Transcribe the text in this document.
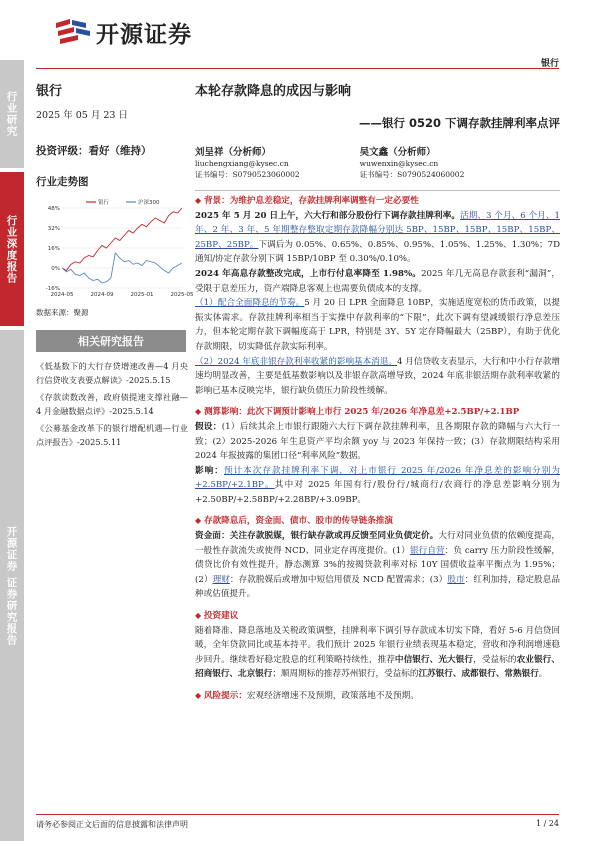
行业研究
行业深度报告
开源证券 证券研究报告
开源证券
银行
银行
2025 年 05 月 23 日
投资评级：看好（维持）
行业走势图
48%
32%
16%
0%
-16%
2024-05	2024-09	2025-01	2025-05
银行	沪深300
数据来源：聚源
相关研究报告

《低基数下的大行存贷增速改善—4 月央行信贷收支表要点解读》-2025.5.15

《存款读数改善，政府债提速支撑社融—4 月金融数据点评》-2025.5.14

《公募基金改革下的银行增配机遇—行业点评报告》-2025.5.11

本轮存款降息的成因与影响
——银行 0520 下调存款挂牌利率点评
刘呈祥（分析师）
liuchengxiang@kysec.cn
证书编号：S0790523060002
吴文鑫（分析师）
wuwenxin@kysec.cn
证书编号：S0790524060002

◆ 背景：为维护息差稳定，存款挂牌利率调整有一定必要性

2025 年 5 月 20 日上午，六大行和部分股份行下调存款挂牌利率。活期、3 个月、6 个月、1 年、2 年、3 年、5 年期整存整取定期存款降幅分别达 5BP、15BP、15BP、15BP、15BP、25BP、25BP。下调后为 0.05%、0.65%、0.85%、0.95%、1.05%、1.25%、1.30%；7D 通知/协定存款分别下调 15BP/10BP 至 0.30%/0.10%。

2024 年高息存款整改完成，上市行付息率降至 1.98%。2025 年几无高息存款套利“漏洞”，受限于息差压力，资产端降息客观上也需要负债成本的支撑。

（1）配合全面降息的节奏。5 月 20 日 LPR 全面降息 10BP，实施适度宽松的货币政策，以提振实体需求。存款挂牌利率相当于实操中存款利率的“下限”，此次下调有望减缓银行净息差压力，但本轮定期存款下调幅度高于 LPR，特别是 3Y、5Y 定存降幅最大（25BP），有助于优化存款期限，切实降低存款实际利率。

（2）2024 年底非银存款利率收紧的影响基本消退。4 月信贷收支表显示，大行和中小行存款增速均明显改善，主要是低基数影响以及非银存款高增导致，2024 年底非银活期存款利率收紧的影响已基本反映完毕，银行缺负债压力阶段性缓解。

◆ 测算影响：此次下调预计影响上市行 2025 年/2026 年净息差+2.5BP/+2.1BP

假设：(1）后续其余上市银行跟随六大行下调存款挂牌利率，且各期限存款的降幅与六大行一致；(2）2025-2026 年生息资产平均余额 yoy 与 2023 年保持一致；(3）存款期限结构采用 2024 年报披露的集团口径“利率风险”数据。

影响：预计本次存款挂牌利率下调，对上市银行 2025 年/2026 年净息差的影响分别为+2.5BP/+2.1BP。其中对 2025 年国有行/股份行/城商行/农商行的净息差影响分别为+2.50BP/+2.58BP/+2.28BP/+3.09BP。

◆ 存款降息后，资金面、债市、股市的传导链条推演

资金面：关注存款脱媒，银行缺存款或再反馈至同业负债定价。大行对同业负债的依赖度提高，一般性存款流失或使得 NCD、同业定存再度提价。(1）银行自营：负 carry 压力阶段性缓解，债贷比价有效性提升，静态测算 3%的按揭贷款利率对标 10Y 国债收益率平衡点为 1.95%；(2）理财：存款脱媒后或增加中短信用债及 NCD 配置需求；(3）股市：红利加持，稳定股息品种或估值提升。

◆ 投资建议

随着降准、降息落地及关税政策调整，挂牌利率下调引导存款成本切实下降，看好 5-6 月信贷回暖，全年贷款同比或基本持平。我们预计 2025 年银行业绩表现基本稳定，营收和净利润增速稳步回升。继续看好稳定股息的红利策略持续性，推荐中信银行、光大银行，受益标的农业银行、招商银行、北京银行；顺周期标的推荐苏州银行，受益标的江苏银行、成都银行、常熟银行。

◆ 风险提示：宏观经济增速不及预期，政策落地不及预期。

请务必参阅正文后面的信息披露和法律声明	1 / 24
